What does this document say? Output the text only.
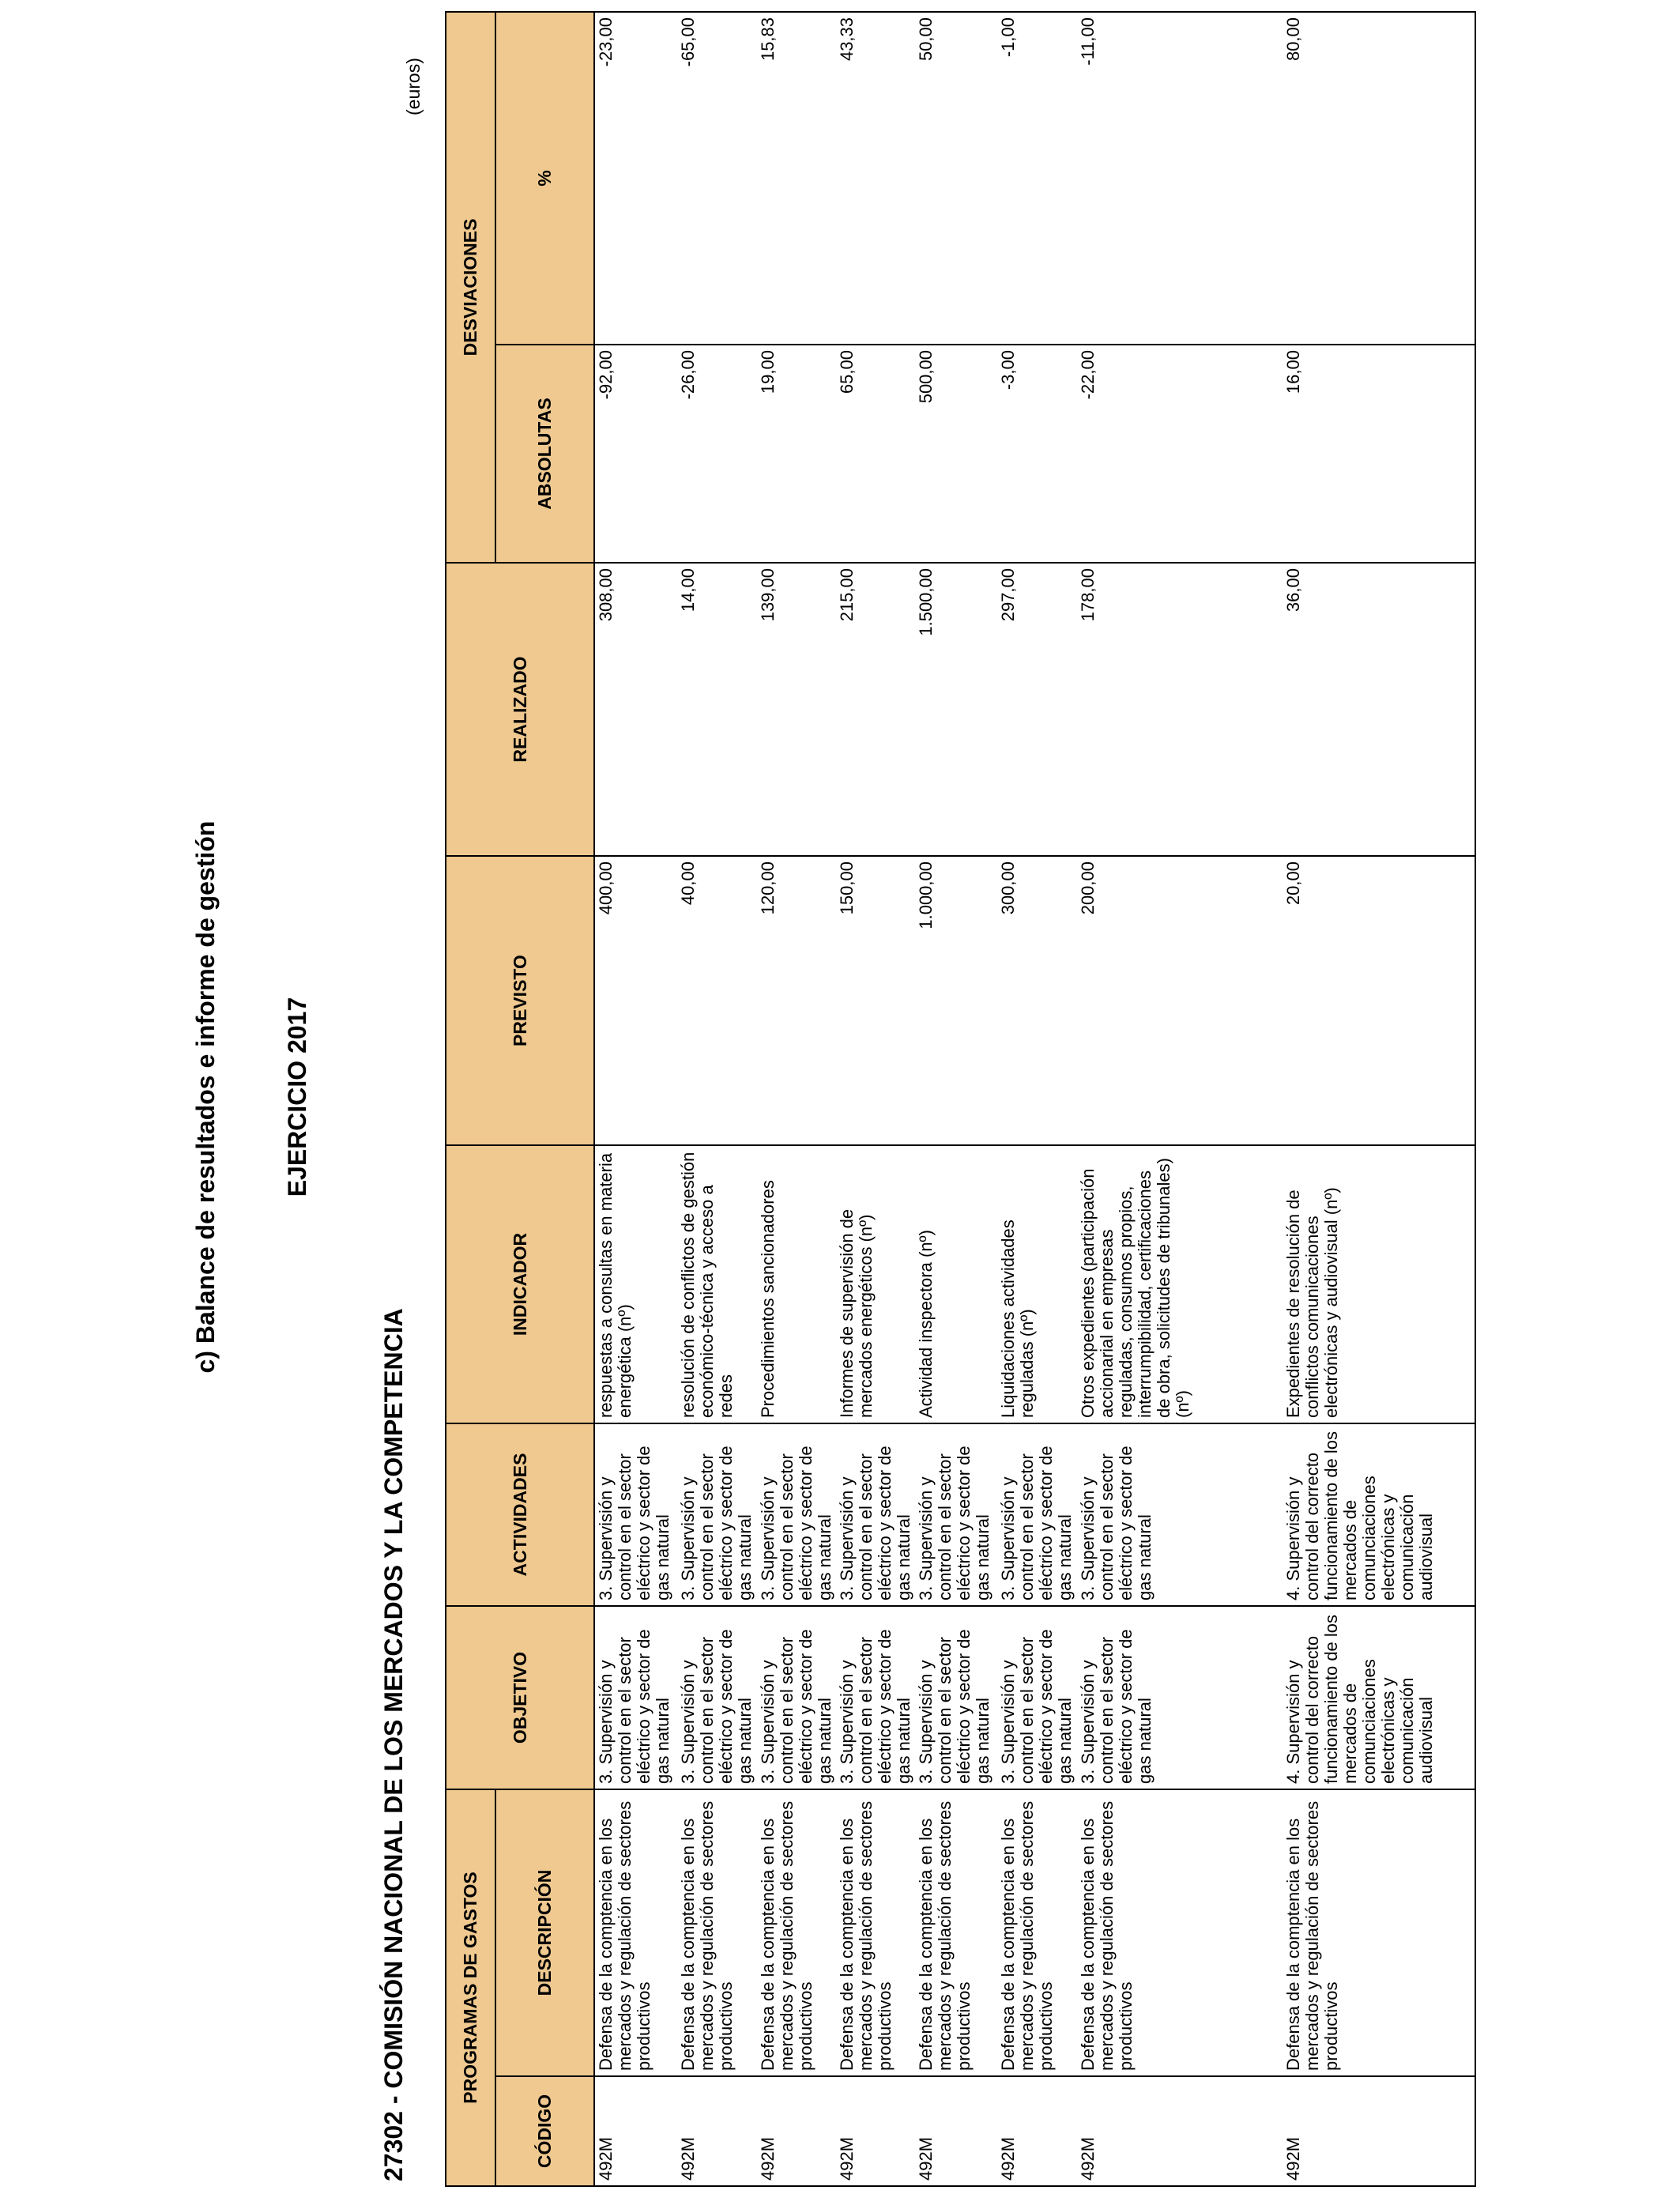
c) Balance de resultados e informe de gestión	EJERCICIO 2017
27302 - COMISIÓN NACIONAL DE LOS MERCADOS Y LA COMPETENCIA
(euros)
PROGRAMAS DE GASTOS		OBJETIVO	ACTIVIDADES	INDICADOR	PREVISTO	REALIZADO	DESVIACIONES	
CÓDIGO	DESCRIPCIÓN						ABSOLUTAS	%
492M	Defensa de la comptencia en los mercados y regulación de sectores productivos	3. Supervisión y control en el sector eléctrico y sector de gas natural	3. Supervisión y control en el sector eléctrico y sector de gas natural	respuestas a consultas en materia energética (nº)	400,00	308,00	-92,00	-23,00
492M	Defensa de la comptencia en los mercados y regulación de sectores productivos	3. Supervisión y control en el sector eléctrico y sector de gas natural	3. Supervisión y control en el sector eléctrico y sector de gas natural	resolución de conflictos de gestión económico-técnica y acceso a redes	40,00	14,00	-26,00	-65,00
492M	Defensa de la comptencia en los mercados y regulación de sectores productivos	3. Supervisión y control en el sector eléctrico y sector de gas natural	3. Supervisión y control en el sector eléctrico y sector de gas natural	Procedimientos sancionadores	120,00	139,00	19,00	15,83
492M	Defensa de la comptencia en los mercados y regulación de sectores productivos	3. Supervisión y control en el sector eléctrico y sector de gas natural	3. Supervisión y control en el sector eléctrico y sector de gas natural	Informes de supervisión de mercados energéticos (nº)	150,00	215,00	65,00	43,33
492M	Defensa de la comptencia en los mercados y regulación de sectores productivos	3. Supervisión y control en el sector eléctrico y sector de gas natural	3. Supervisión y control en el sector eléctrico y sector de gas natural	Actividad inspectora (nº)	1.000,00	1.500,00	500,00	50,00
492M	Defensa de la comptencia en los mercados y regulación de sectores productivos	3. Supervisión y control en el sector eléctrico y sector de gas natural	3. Supervisión y control en el sector eléctrico y sector de gas natural	Liquidaciones actividades reguladas (nº)	300,00	297,00	-3,00	-1,00
492M	Defensa de la comptencia en los mercados y regulación de sectores productivos	3. Supervisión y control en el sector eléctrico y sector de gas natural	3. Supervisión y control en el sector eléctrico y sector de gas natural	Otros expedientes (participación accionarial en empresas reguladas, consumos propios, interrumpibilidad, certificaciones de obra, solicitudes de tribunales) (nº)	200,00	178,00	-22,00	-11,00
492M	Defensa de la comptencia en los mercados y regulación de sectores productivos	4. Supervisión y control del correcto funcionamiento de los mercados de comunciaciones electrónicas y comunicación audiovisual	4. Supervisión y control del correcto funcionamiento de los mercados de comunciaciones electrónicas y comunicación audiovisual	Expedientes de resolución de conflictos comunicaciones electrónicas y audiovisual (nº)	20,00	36,00	16,00	80,00
